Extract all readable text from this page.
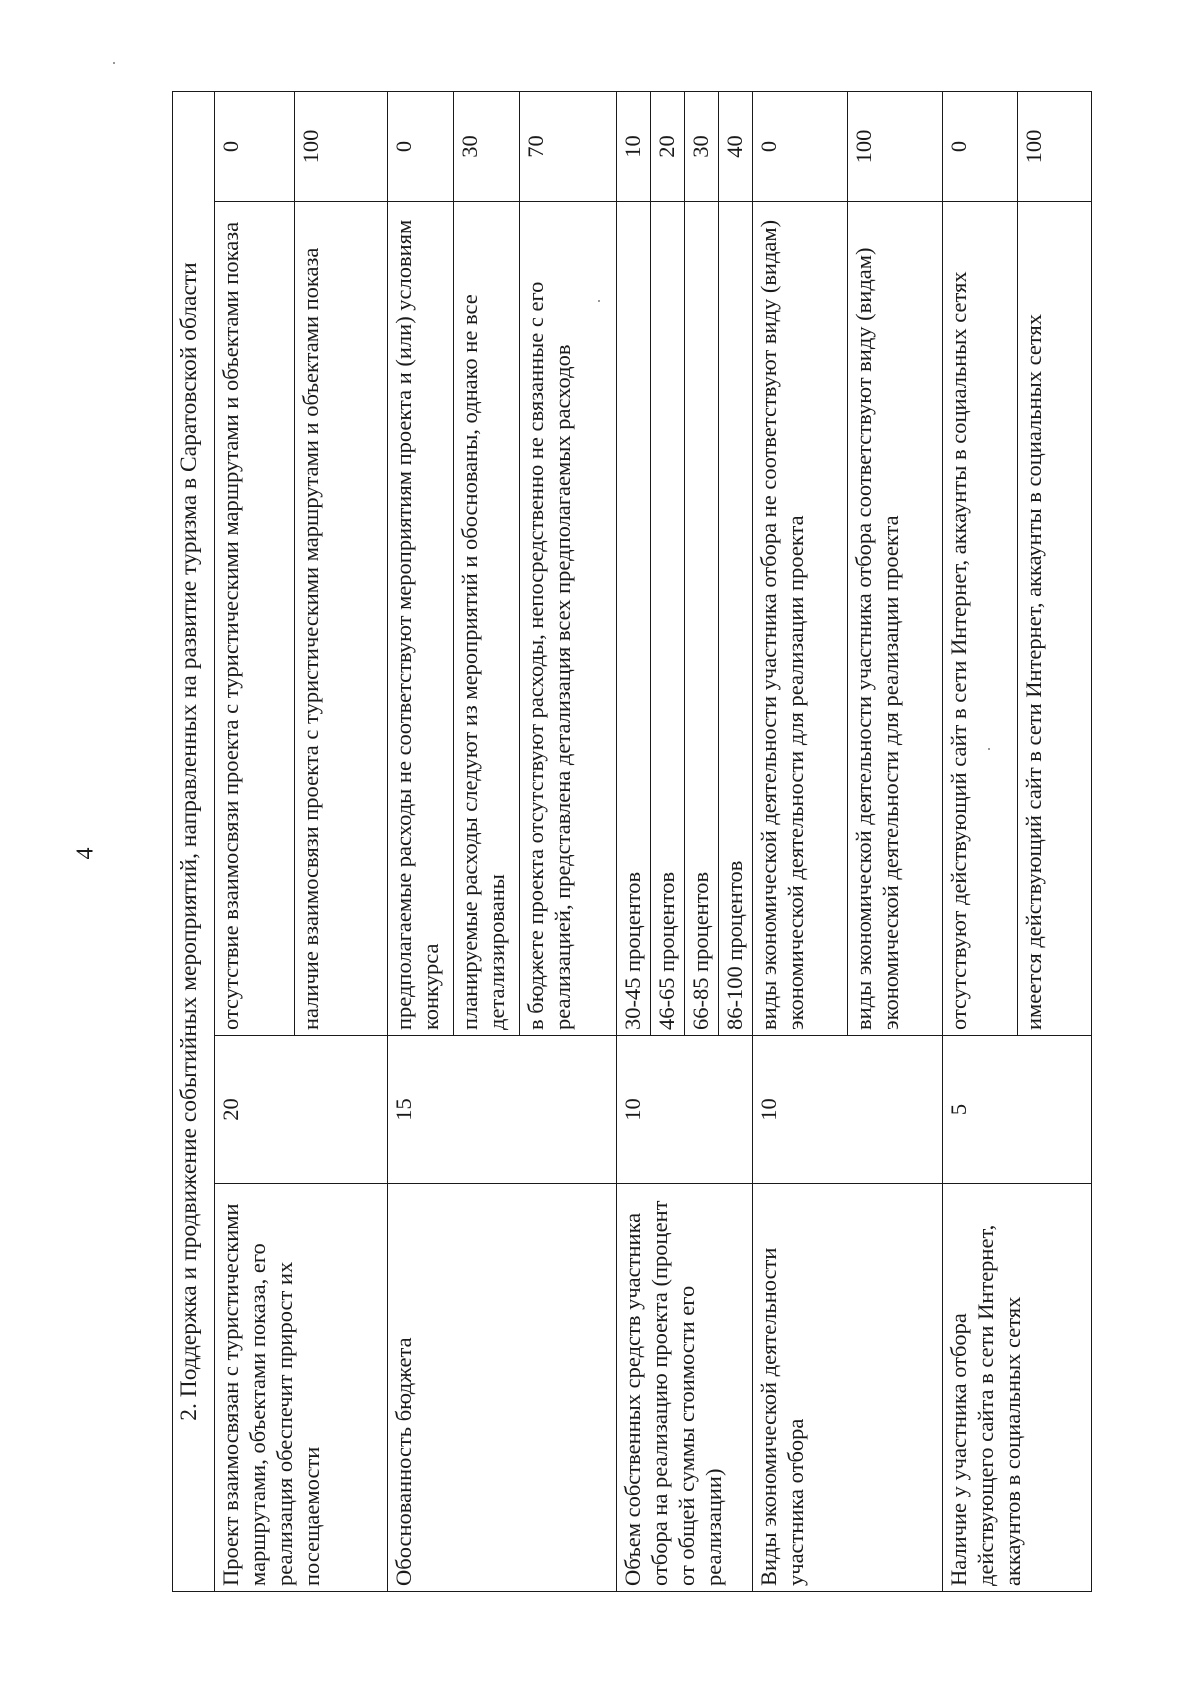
4	2. Поддержка и продвижение событийных мероприятий, направленных на развитие туризма в Саратовской области			
Проект взаимосвязан с туристическими маршрутами, объектами показа, его реализация обеспечит прирост их посещаемости	20	отсутствие взаимосвязи проекта с туристическими маршрутами и объектами показа	0
		наличие взаимосвязи проекта с туристическими маршрутами и объектами показа	100
Обоснованность бюджета	15	предполагаемые расходы не соответствуют мероприятиям проекта и (или) условиям конкурса	0
		планируемые расходы следуют из мероприятий и обоснованы, однако не все детализированы	30
		в бюджете проекта отсутствуют расходы, непосредственно не связанные с его реализацией, представлена детализация всех предполагаемых расходов	70
Объем собственных средств участника отбора на реализацию проекта (процент от общей суммы стоимости его реализации)	10	30-45 процентов	10
		46-65 процентов	20
		66-85 процентов	30
		86-100 процентов	40
Виды экономической деятельности участника отбора	10	виды экономической деятельности участника отбора не соответствуют виду (видам) экономической деятельности для реализации проекта	0
		виды экономической деятельности участника отбора соответствуют виду (видам) экономической деятельности для реализации проекта	100
Наличие у участника отбора действующего сайта в сети Интернет, аккаунтов в социальных сетях	5	отсутствуют действующий сайт в сети Интернет, аккаунты в социальных сетях	0
		имеется действующий сайт в сети Интернет, аккаунты в социальных сетях	100
